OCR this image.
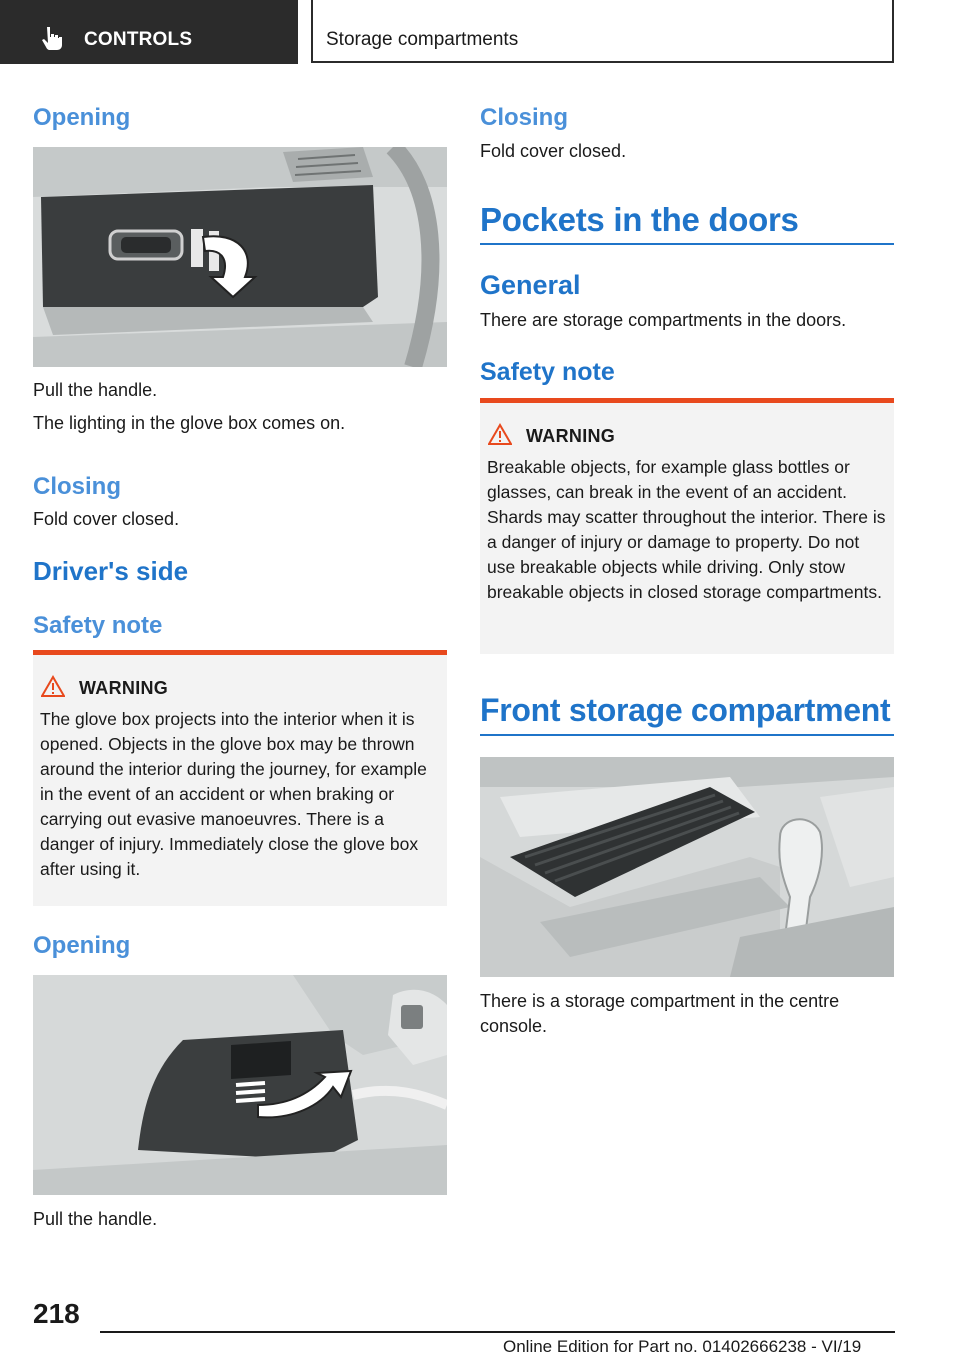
CONTROLS	Storage compartments
Opening
Pull the handle.
The lighting in the glove box comes on.
Closing
Fold cover closed.
Driver's side
Safety note
WARNING
The glove box projects into the interior when it is opened. Objects in the glove box may be thrown around the interior during the journey, for example in the event of an accident or when braking or carrying out evasive manoeuvres. There is a danger of injury. Immediately close the glove box after using it.
Opening
Pull the handle.
Closing
Fold cover closed.
Pockets in the doors
General
There are storage compartments in the doors.
Safety note
WARNING
Breakable objects, for example glass bottles or glasses, can break in the event of an accident. Shards may scatter throughout the interior. There is a danger of injury or damage to property. Do not use breakable objects while driving. Only stow breakable objects in closed storage compartments.
Front storage compartment
There is a storage compartment in the centre console.
218
Online Edition for Part no. 01402666238 - VI/19
